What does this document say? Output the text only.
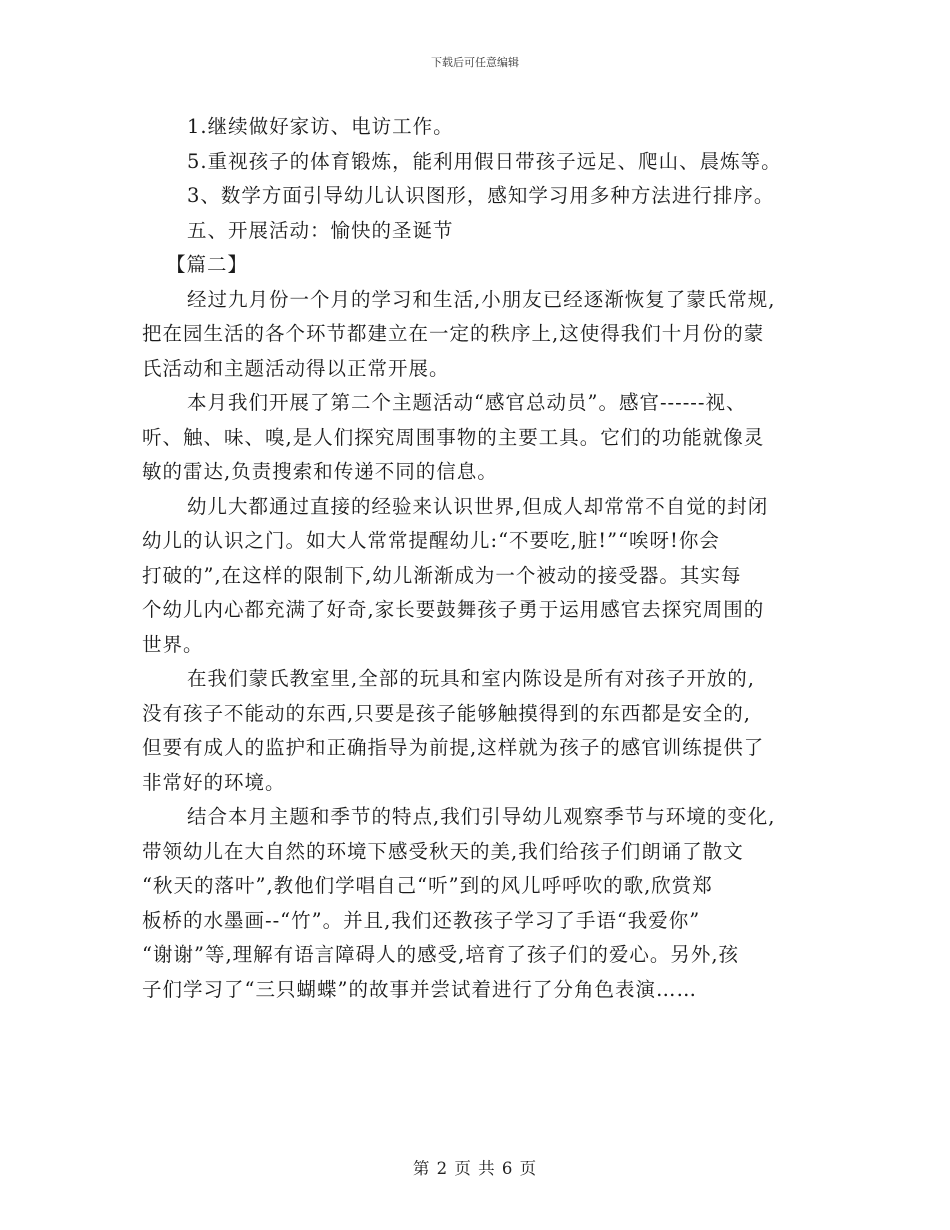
下载后可任意编辑
1.继续做好家访、电访工作。
5.重视孩子的体育锻炼，能利用假日带孩子远足、爬山、晨炼等。
3、数学方面引导幼儿认识图形，感知学习用多种方法进行排序。
五、开展活动：愉快的圣诞节
【篇二】
经过九月份一个月的学习和生活,小朋友已经逐渐恢复了蒙氏常规,
把在园生活的各个环节都建立在一定的秩序上,这使得我们十月份的蒙
氏活动和主题活动得以正常开展。
本月我们开展了第二个主题活动“感官总动员”。感官------视、
听、触、味、嗅,是人们探究周围事物的主要工具。它们的功能就像灵
敏的雷达,负责搜索和传递不同的信息。
幼儿大都通过直接的经验来认识世界,但成人却常常不自觉的封闭
幼儿的认识之门。如大人常常提醒幼儿:“不要吃,脏!”“唉呀!你会
打破的”,在这样的限制下,幼儿渐渐成为一个被动的接受器。其实每
个幼儿内心都充满了好奇,家长要鼓舞孩子勇于运用感官去探究周围的
世界。
在我们蒙氏教室里,全部的玩具和室内陈设是所有对孩子开放的,
没有孩子不能动的东西,只要是孩子能够触摸得到的东西都是安全的,
但要有成人的监护和正确指导为前提,这样就为孩子的感官训练提供了
非常好的环境。
结合本月主题和季节的特点,我们引导幼儿观察季节与环境的变化,
带领幼儿在大自然的环境下感受秋天的美,我们给孩子们朗诵了散文
“秋天的落叶”,教他们学唱自己“听”到的风儿呼呼吹的歌,欣赏郑
板桥的水墨画--“竹”。并且,我们还教孩子学习了手语“我爱你”
“谢谢”等,理解有语言障碍人的感受,培育了孩子们的爱心。另外,孩
子们学习了“三只蝴蝶”的故事并尝试着进行了分角色表演……
第 2 页 共 6 页
